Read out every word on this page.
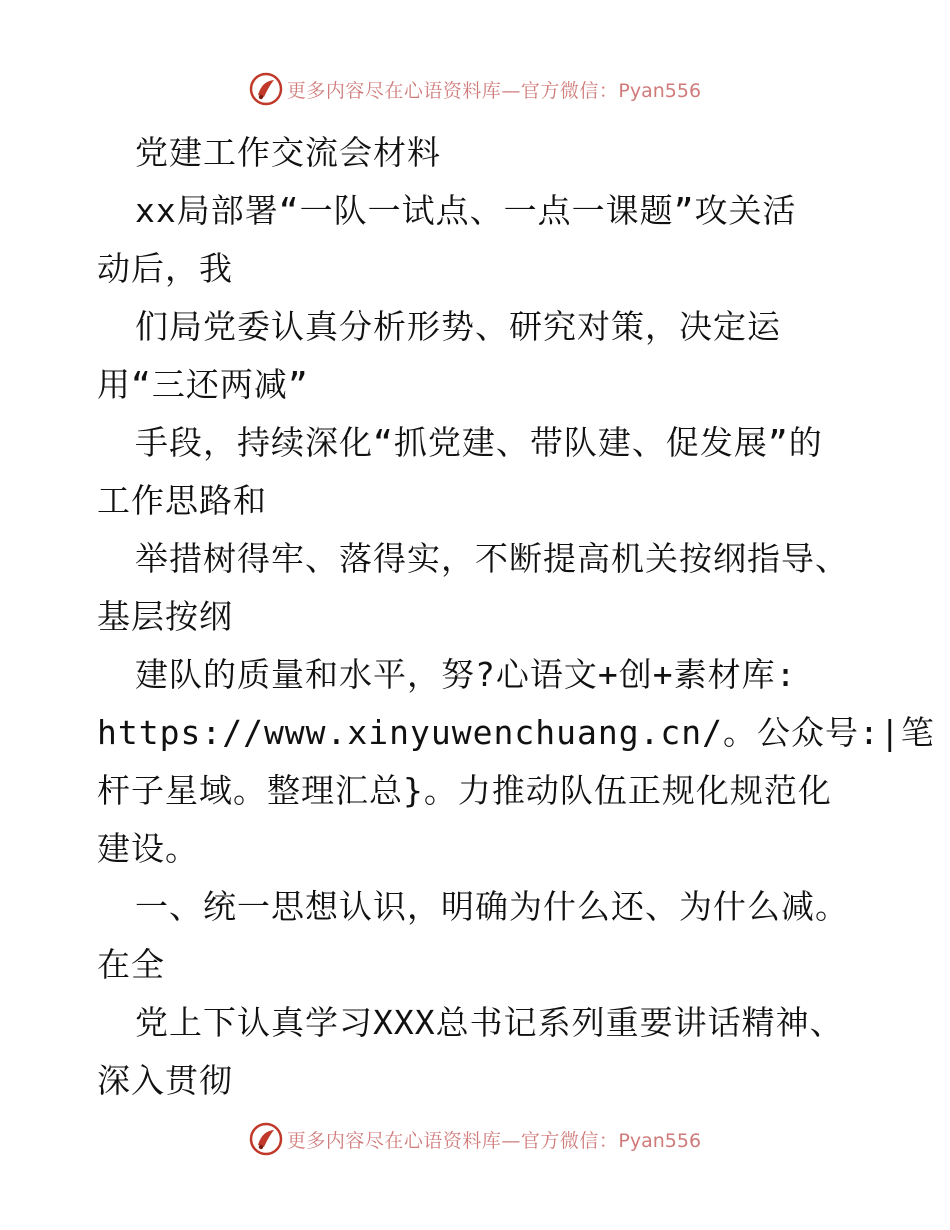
更多内容尽在心语资料库—官方微信：Pyan556
党建工作交流会材料
xx局部署“一队一试点、一点一课题”攻关活
动后，我
们局党委认真分析形势、研究对策，决定运
用“三还两减”
手段，持续深化“抓党建、带队建、促发展”的
工作思路和
举措树得牢、落得实，不断提高机关按纲指导、
基层按纲
建队的质量和水平，努?心语文+创+素材库:
https://www.xinyuwenchuang.cn/。公众号:|笔
杆子星域。整理汇总}。力推动队伍正规化规范化
建设。
一、统一思想认识，明确为什么还、为什么减。
在全
党上下认真学习XXX总书记系列重要讲话精神、
深入贯彻
更多内容尽在心语资料库—官方微信：Pyan556
